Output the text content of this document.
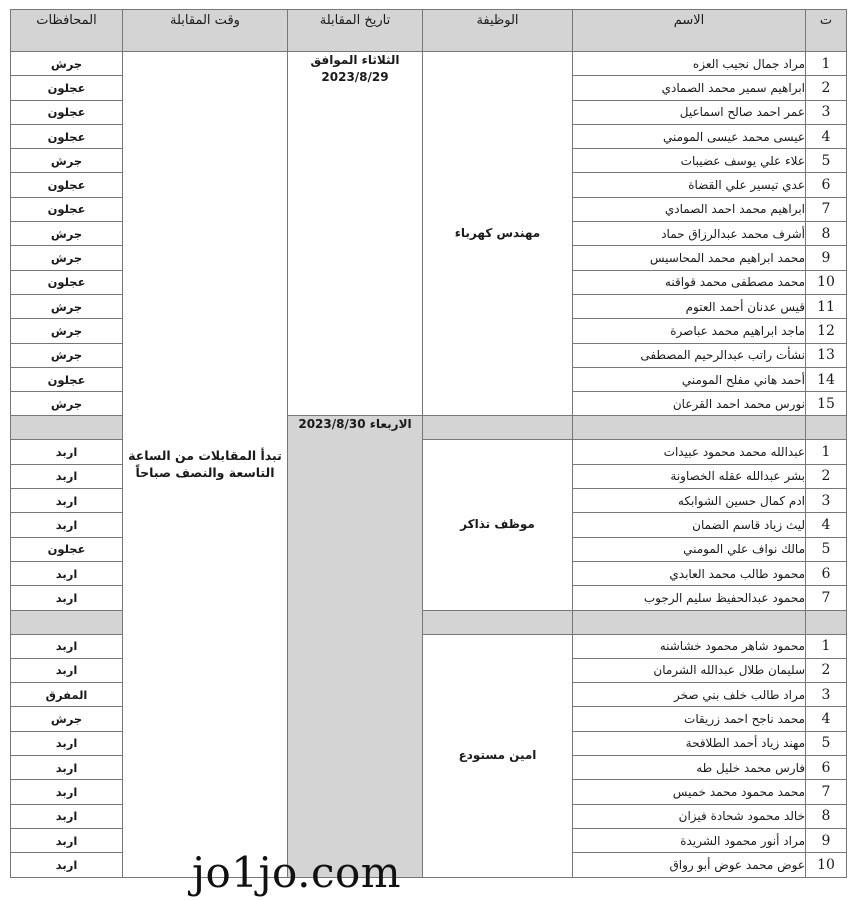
المحافظات	وقت المقابلة	تاريخ المقابلة	الوظيفة	الاسم	ت
جرش	تبدأ المقابلات من الساعة التاسعة والنصف صباحاً	الثلاثاء الموافق 2023/8/29	مهندس كهرباء	مراد جمال نجيب العزه	1
عجلون				ابراهيم سمير محمد الصمادي	2
عجلون				عمر احمد صالح اسماعيل	3
عجلون				عيسى محمد عيسى المومني	4
جرش				علاء علي يوسف عضيبات	5
عجلون				عدي تيسير علي القضاة	6
عجلون				ابراهيم محمد احمد الصمادي	7
جرش				أشرف محمد عبدالرزاق حماد	8
جرش				محمد ابراهيم محمد المحاسيس	9
عجلون				محمد مصطفى محمد قواقنه	10
جرش				قيس عدنان أحمد العتوم	11
جرش				ماجد ابراهيم محمد عباصرة	12
جرش				نشأت راتب عبدالرحيم المصطفى	13
عجلون				أحمد هاني مفلح المومني	14
جرش				نورس محمد احمد القرعان	15
		الاربعاء 2023/8/30			
اربد			موظف تذاكر	عبدالله محمد محمود عبيدات	1
اربد				بشر عبدالله عقله الخصاونة	2
اربد				ادم كمال حسين الشوابكه	3
اربد				ليث زياد قاسم الضمان	4
عجلون				مالك نواف علي المومني	5
اربد				محمود طالب محمد العابدي	6
اربد				محمود عبدالحفيظ سليم الرجوب	7

اربد			امين مستودع	محمود شاهر محمود خشاشنه	1
اربد				سليمان طلال عبدالله الشرمان	2
المفرق				مراد طالب خلف بني صخر	3
جرش				محمد ناجح احمد زريقات	4
اربد				مهند زياد أحمد الطلافحة	5
اربد				فارس محمد خليل طه	6
اربد				محمد محمود محمد خميس	7
اربد				خالد محمود شحادة فيزان	8
اربد				مراد أنور محمود الشريدة	9
اربد				عوض محمد عوض أبو رواق	10
jo1jo.com
